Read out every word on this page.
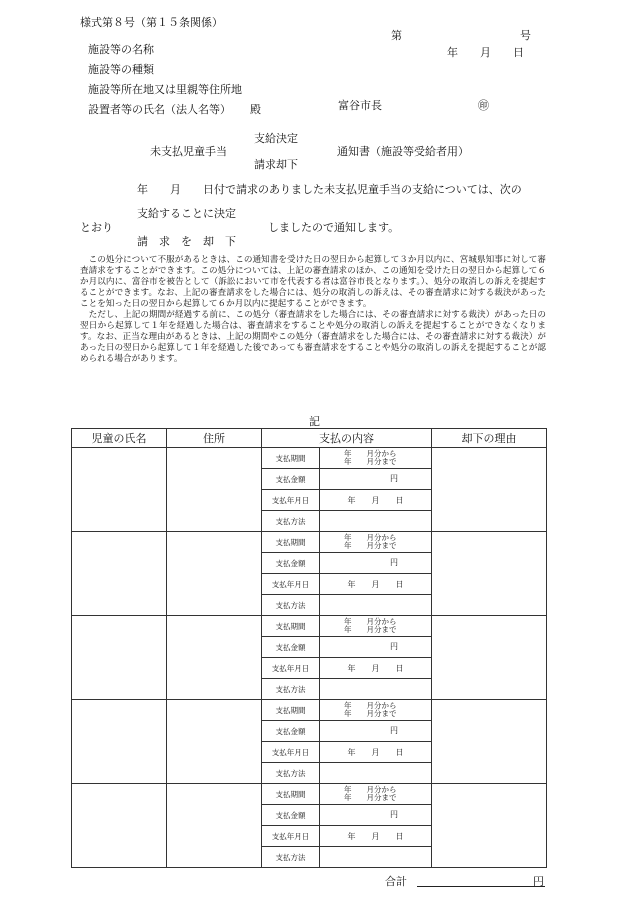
様式第８号（第１５条関係）
第	号
年　　月　　日
施設等の名称
施設等の種類
施設等所在地又は里親等住所地
設置者等の氏名（法人名等） 殿	富谷市長	㊞
支給決定
未支払児童手当	通知書（施設等受給者用）
請求却下
年　　月　　日付で請求のありました未支払児童手当の支給については、次の
支給することに決定
とおり	しましたので通知します。
請　求　を　却　下

この処分について不服があるときは、この通知書を受けた日の翌日から起算して３か月以内に、宮城県知事に対して審査請求をすることができます。この処分については、上記の審査請求のほか、この通知を受けた日の翌日から起算して６か月以内に、富谷市を被告として（訴訟において市を代表する者は富谷市長となります。）、処分の取消しの訴えを提起することができます。なお、上記の審査請求をした場合には、処分の取消しの訴えは、その審査請求に対する裁決があったことを知った日の翌日から起算して６か月以内に提起することができます。

ただし、上記の期間が経過する前に、この処分（審査請求をした場合には、その審査請求に対する裁決）があった日の翌日から起算して１年を経過した場合は、審査請求をすることや処分の取消しの訴えを提起することができなくなります。なお、正当な理由があるときは、上記の期間やこの処分（審査請求をした場合には、その審査請求に対する裁決）があった日の翌日から起算して１年を経過した後であっても審査請求をすることや処分の取消しの訴えを提起することが認められる場合があります。

記
児童の氏名	住所	支払の内容		却下の理由
		支払期間	年　　月分から
年　　月分まで	

		支払金額	円	

		支払年月日	年　　月　　日	
		支払方法		
		支払期間	年　　月分から
年　　月分まで	

		支払金額	円	

		支払年月日	年　　月　　日	
		支払方法		
		支払期間	年　　月分から
年　　月分まで	

		支払金額	円	

		支払年月日	年　　月　　日	
		支払方法		
		支払期間	年　　月分から
年　　月分まで	

		支払金額	円	

		支払年月日	年　　月　　日	
		支払方法		
		支払期間	年　　月分から
年　　月分まで	

		支払金額	円	

		支払年月日	年　　月　　日	
		支払方法		
合計	円
